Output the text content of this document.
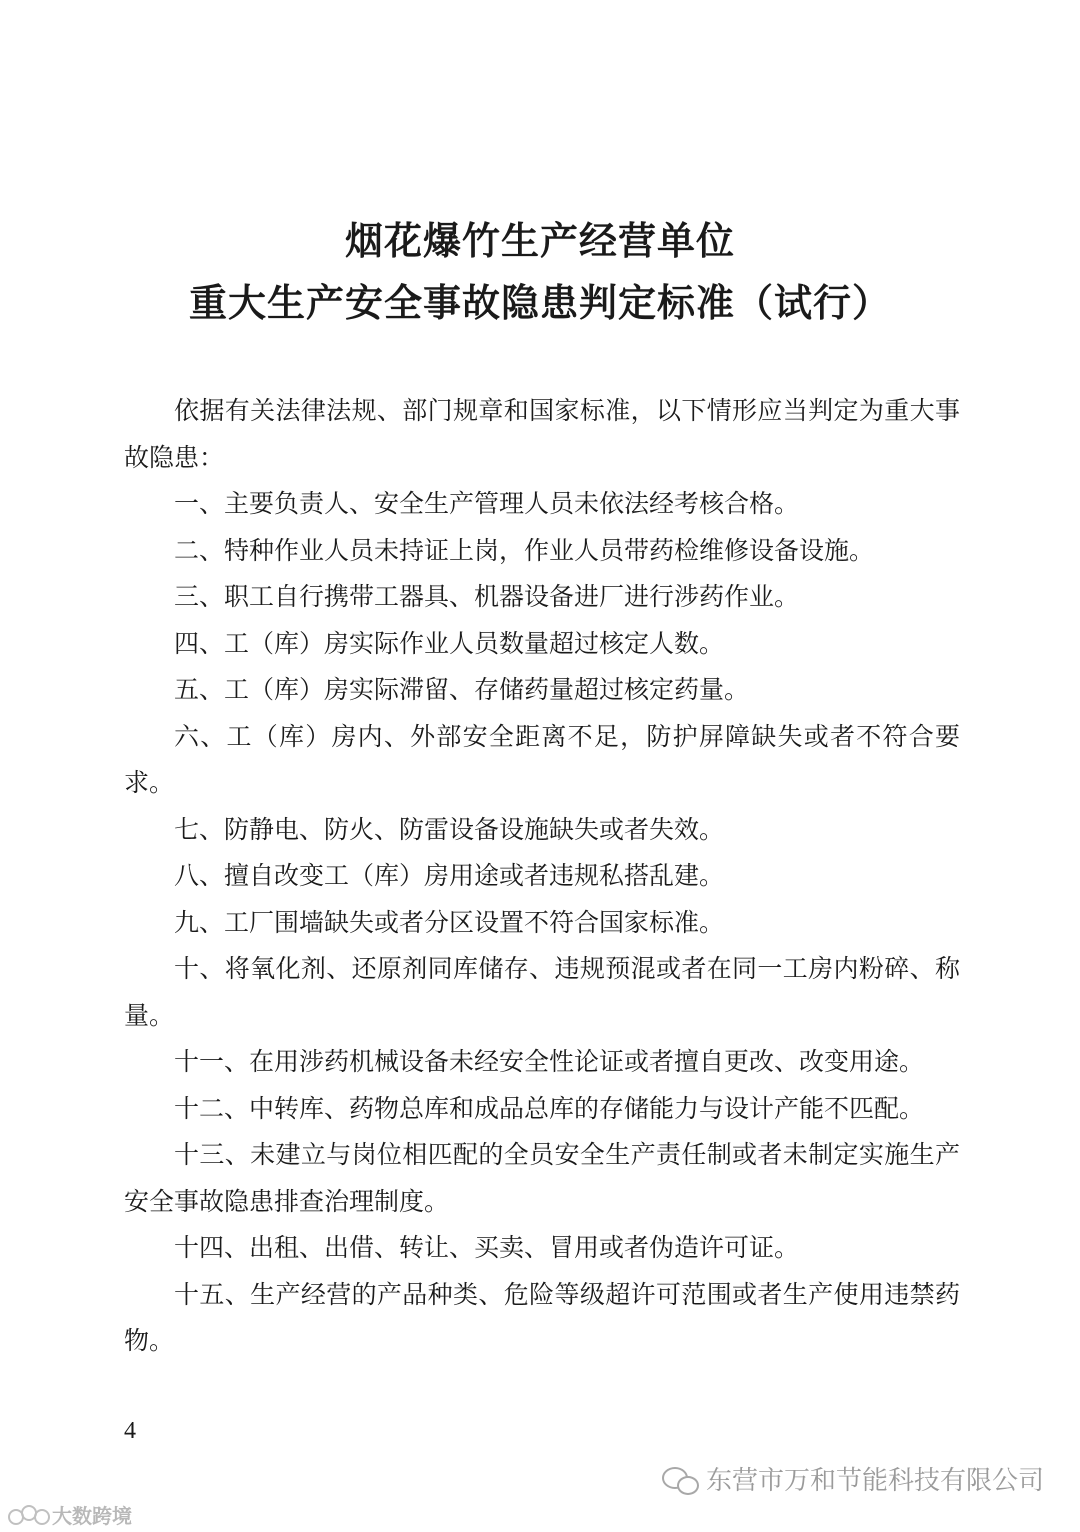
烟花爆竹生产经营单位
重大生产安全事故隐患判定标准（试行）

依据有关法律法规、部门规章和国家标准，以下情形应当判定为重大事故隐患：

一、主要负责人、安全生产管理人员未依法经考核合格。

二、特种作业人员未持证上岗，作业人员带药检维修设备设施。

三、职工自行携带工器具、机器设备进厂进行涉药作业。

四、工（库）房实际作业人员数量超过核定人数。

五、工（库）房实际滞留、存储药量超过核定药量。

六、工（库）房内、外部安全距离不足，防护屏障缺失或者不符合要求。

七、防静电、防火、防雷设备设施缺失或者失效。

八、擅自改变工（库）房用途或者违规私搭乱建。

九、工厂围墙缺失或者分区设置不符合国家标准。

十、将氧化剂、还原剂同库储存、违规预混或者在同一工房内粉碎、称量。

十一、在用涉药机械设备未经安全性论证或者擅自更改、改变用途。

十二、中转库、药物总库和成品总库的存储能力与设计产能不匹配。

十三、未建立与岗位相匹配的全员安全生产责任制或者未制定实施生产安全事故隐患排查治理制度。

十四、出租、出借、转让、买卖、冒用或者伪造许可证。

十五、生产经营的产品种类、危险等级超许可范围或者生产使用违禁药物。

4
东营市万和节能科技有限公司
大数跨境
